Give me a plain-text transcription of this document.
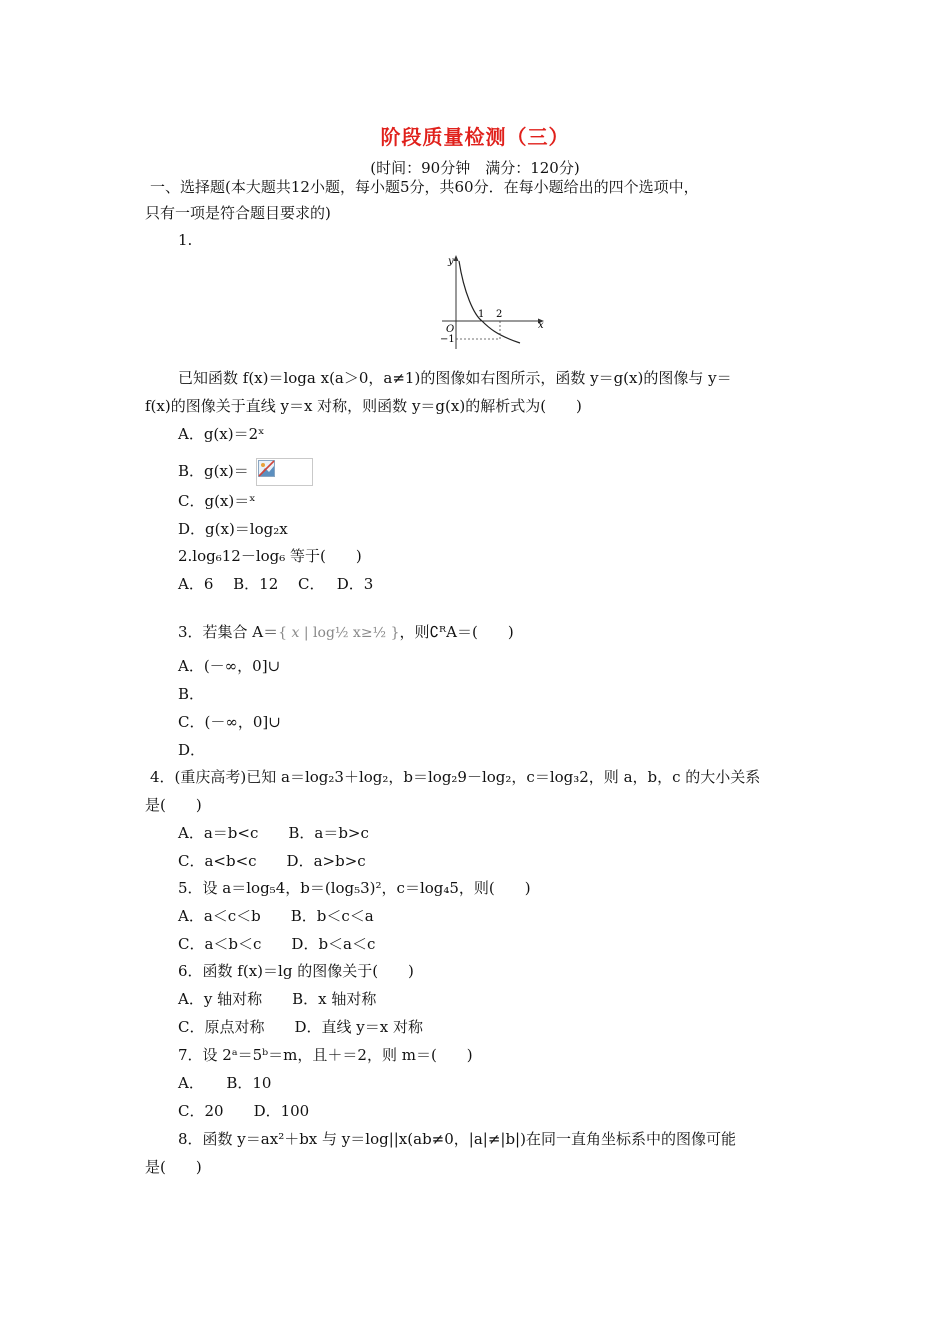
阶段质量检测（三）
(时间：90分钟　满分：120分)
一、选择题(本大题共12小题，每小题5分，共60分．在每小题给出的四个选项中，
只有一项是符合题目要求的)
1.
y
x
O
1 2
−1
已知函数 f(x)＝loga x(a＞0，a≠1)的图像如右图所示，函数 y＝g(x)的图像与 y＝
f(x)的图像关于直线 y＝x 对称，则函数 y＝g(x)的解析式为(　　)
A．g(x)＝2ˣ
B．g(x)＝
C．g(x)＝ˣ
D．g(x)＝log₂x
2.log₆12－log₆ 等于(　　)
A．6　 B．12　 C．　 D．3
3．若集合 A＝{ x | log½ x≥½ }，则∁ᴿA＝(　　)
A．(－∞，0]∪
B．
C．(－∞，0]∪
D．
4．(重庆高考)已知 a＝log₂3＋log₂，b＝log₂9－log₂，c＝log₃2，则 a，b，c 的大小关系
是(　　)
A．a＝b<c　　B．a＝b>c
C．a<b<c　　D．a>b>c
5．设 a＝log₅4，b＝(log₅3)²，c＝log₄5，则(　　)
A．a＜c＜b　　B．b＜c＜a
C．a＜b＜c　　D．b＜a＜c
6．函数 f(x)＝lg 的图像关于(　　)
A．y 轴对称　　B．x 轴对称
C．原点对称　　D．直线 y＝x 对称
7．设 2ᵃ＝5ᵇ＝m，且＋＝2，则 m＝(　　)
A．　　B．10
C．20　　D．100
8．函数 y＝ax²＋bx 与 y＝log||x(ab≠0，|a|≠|b|)在同一直角坐标系中的图像可能
是(　　)
